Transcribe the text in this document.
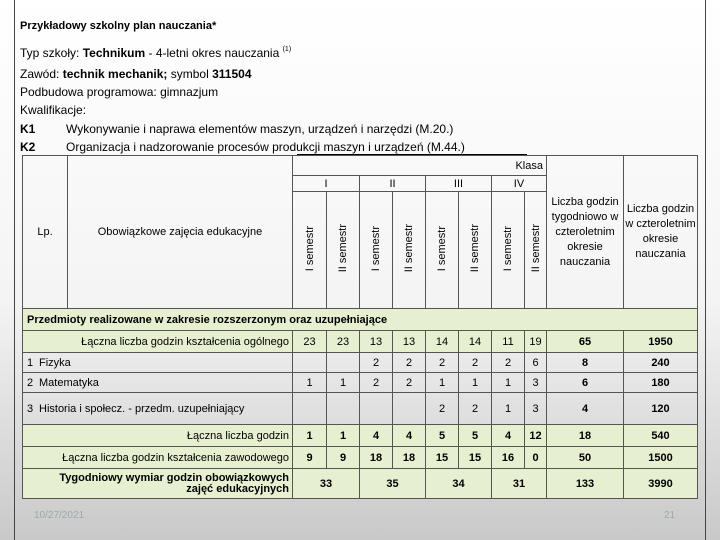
Przykładowy szkolny plan nauczania*
Typ szkoły: Technikum - 4-letni okres nauczania $^{(1)}$
Zawód: technik mechanik; symbol 311504
Podbudowa programowa: gimnazjum
Kwalifikacje:
K1	Wykonywanie i naprawa elementów maszyn, urządzeń i narzędzi (M.20.)
K2	Organizacja i nadzorowanie procesów produkcji maszyn i urządzeń (M.44.)
Lp.	Obowiązkowe zajęcia edukacyjne	Klasa								Liczba godzin tygodniowo w czteroletnim okresie nauczania	Liczba godzin w czteroletnim okresie nauczania
		I		II		III		IV			
		I semestr	II semestr	I semestr	II semestr	I semestr	II semestr	I semestr	II semestr		
Przedmioty realizowane w zakresie rozszerzonym oraz uzupełniające											
Łączna liczba godzin kształcenia ogólnego		23	23	13	13	14	14	11	19	65	1950
1 Fizyka				2	2	2	2	2	6	8	240
2 Matematyka		1	1	2	2	1	1	1	3	6	180
3 Historia i społecz. - przedm. uzupełniający						2	2	1	3	4	120
Łączna liczba godzin		1	1	4	4	5	5	4	12	18	540
Łączna liczba godzin kształcenia zawodowego		9	9	18	18	15	15	16	0	50	1500
Tygodniowy wymiar godzin obowiązkowych
zajęć edukacyjnych		33		35		34		31		133	3990
10/27/2021	21
